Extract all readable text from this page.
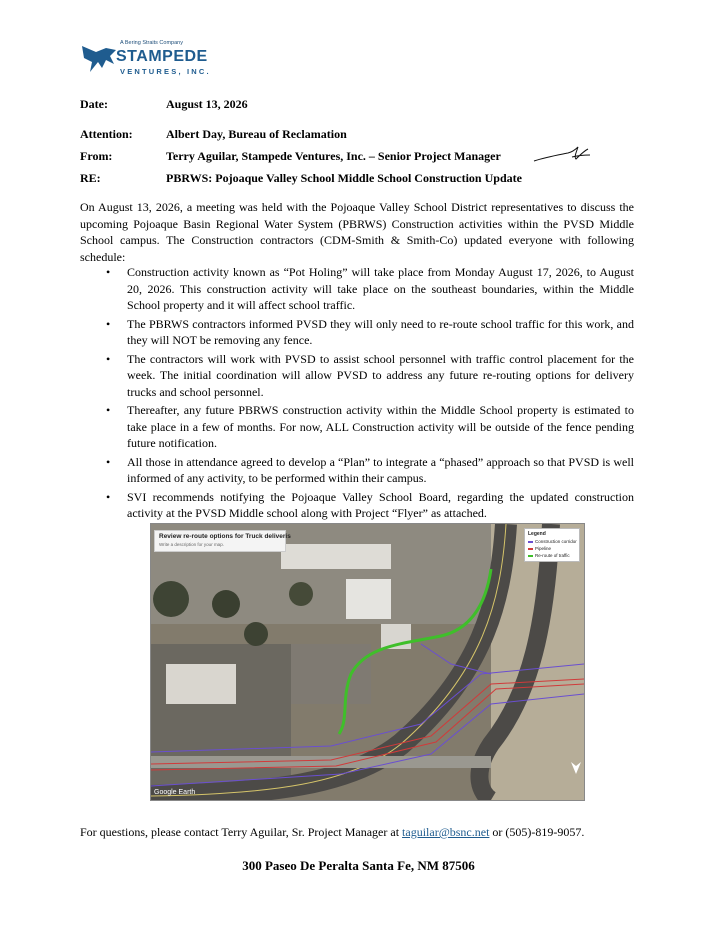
A Bering Straits Company
STAMPEDE
VENTURES, INC.
Date:	August 13, 2026
Attention:	Albert Day, Bureau of Reclamation
From:	Terry Aguilar, Stampede Ventures, Inc. – Senior Project Manager
RE:	PBRWS: Pojoaque Valley School Middle School Construction Update
On August 13, 2026, a meeting was held with the Pojoaque Valley School District representatives to discuss the upcoming Pojoaque Basin Regional Water System (PBRWS) Construction activities within the PVSD Middle School campus. The Construction contractors (CDM-Smith & Smith-Co) updated everyone with following schedule:
• Construction activity known as “Pot Holing” will take place from Monday August 17, 2026, to August 20, 2026. This construction activity will take place on the southeast boundaries, within the Middle School property and it will affect school traffic.
• The PBRWS contractors informed PVSD they will only need to re-route school traffic for this work, and they will NOT be removing any fence.
• The contractors will work with PVSD to assist school personnel with traffic control placement for the week. The initial coordination will allow PVSD to address any future re-routing options for delivery trucks and school personnel.
• Thereafter, any future PBRWS construction activity within the Middle School property is estimated to take place in a few of months. For now, ALL Construction activity will be outside of the fence pending future notification.
• All those in attendance agreed to develop a “Plan” to integrate a “phased” approach so that PVSD is well informed of any activity, to be performed within their campus.
• SVI recommends notifying the Pojoaque Valley School Board, regarding the updated construction activity at the PVSD Middle school along with Project “Flyer” as attached.
Review re-route options for Truck deliveris
Write a description for your map.
Legend
Construction corridor
Pipeline
Re-route of traffic
Google Earth
For questions, please contact Terry Aguilar, Sr. Project Manager at taguilar@bsnc.net or (505)-819-9057.
300 Paseo De Peralta Santa Fe, NM 87506
